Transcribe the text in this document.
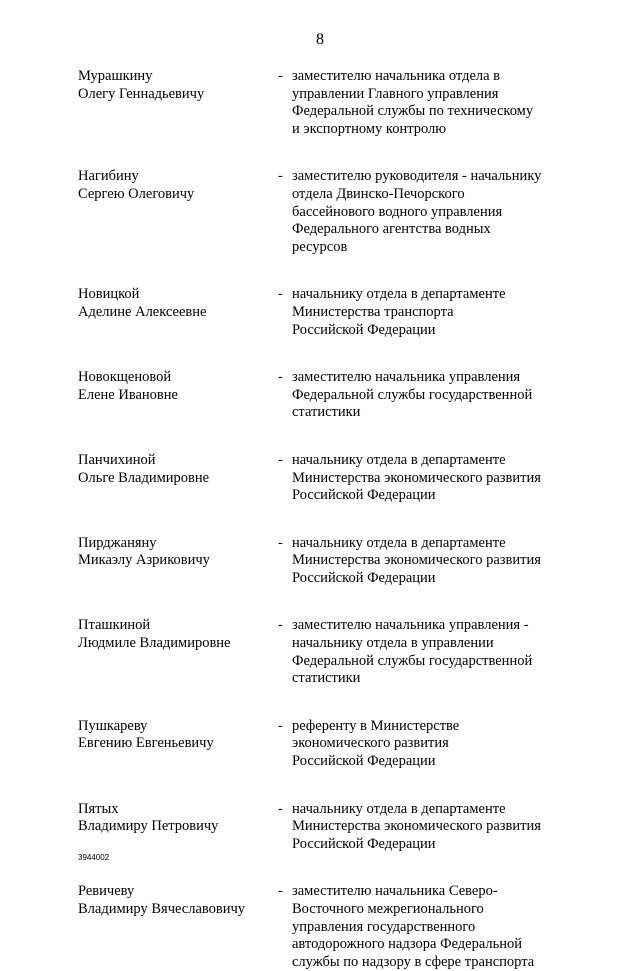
8
Мурашкину
Олегу Геннадьевичу
- заместителю начальника отдела в
управлении Главного управления
Федеральной службы по техническому
и экспортному контролю
Нагибину
Сергею Олеговичу
- заместителю руководителя - начальнику
отдела Двинско-Печорского
бассейнового водного управления
Федерального агентства водных
ресурсов
Новицкой
Аделине Алексеевне
- начальнику отдела в департаменте
Министерства транспорта
Российской Федерации
Новокщеновой
Елене Ивановне
- заместителю начальника управления
Федеральной службы государственной
статистики
Панчихиной
Ольге Владимировне
- начальнику отдела в департаменте
Министерства экономического развития
Российской Федерации
Пирджаняну
Микаэлу Азриковичу
- начальнику отдела в департаменте
Министерства экономического развития
Российской Федерации
Пташкиной
Людмиле Владимировне
- заместителю начальника управления -
начальнику отдела в управлении
Федеральной службы государственной
статистики
Пушкареву
Евгению Евгеньевичу
- референту в Министерстве
экономического развития
Российской Федерации
Пятых
Владимиру Петровичу
- начальнику отдела в департаменте
Министерства экономического развития
Российской Федерации
Ревичеву
Владимиру Вячеславовичу
- заместителю начальника Северо-
Восточного межрегионального
управления государственного
автодорожного надзора Федеральной
службы по надзору в сфере транспорта
3944002
